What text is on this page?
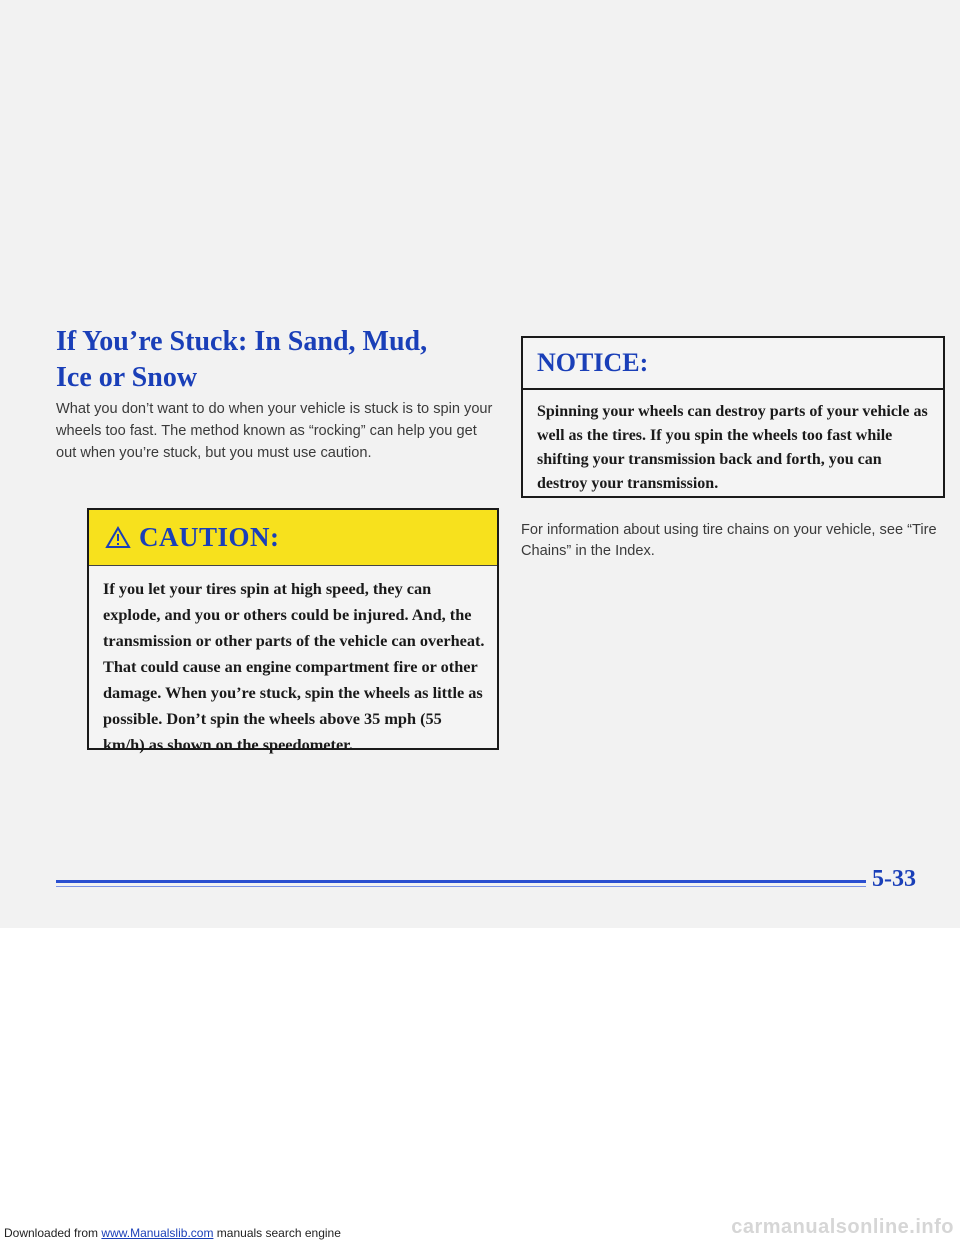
If You’re Stuck: In Sand, Mud,
Ice or Snow

What you don’t want to do when your vehicle is stuck is to spin your wheels too fast. The method known as “rocking” can help you get out when you’re stuck, but you must use caution.

CAUTION:
If you let your tires spin at high speed, they can explode, and you or others could be injured. And, the transmission or other parts of the vehicle can overheat. That could cause an engine compartment fire or other damage. When you’re stuck, spin the wheels as little as possible. Don’t spin the wheels above 35 mph (55 km/h) as shown on the speedometer.
NOTICE:
Spinning your wheels can destroy parts of your vehicle as well as the tires. If you spin the wheels too fast while shifting your transmission back and forth, you can destroy your transmission.

For information about using tire chains on your vehicle, see “Tire Chains” in the Index.

5-33
Downloaded from www.Manualslib.com manuals search engine	carmanualsonline.info
